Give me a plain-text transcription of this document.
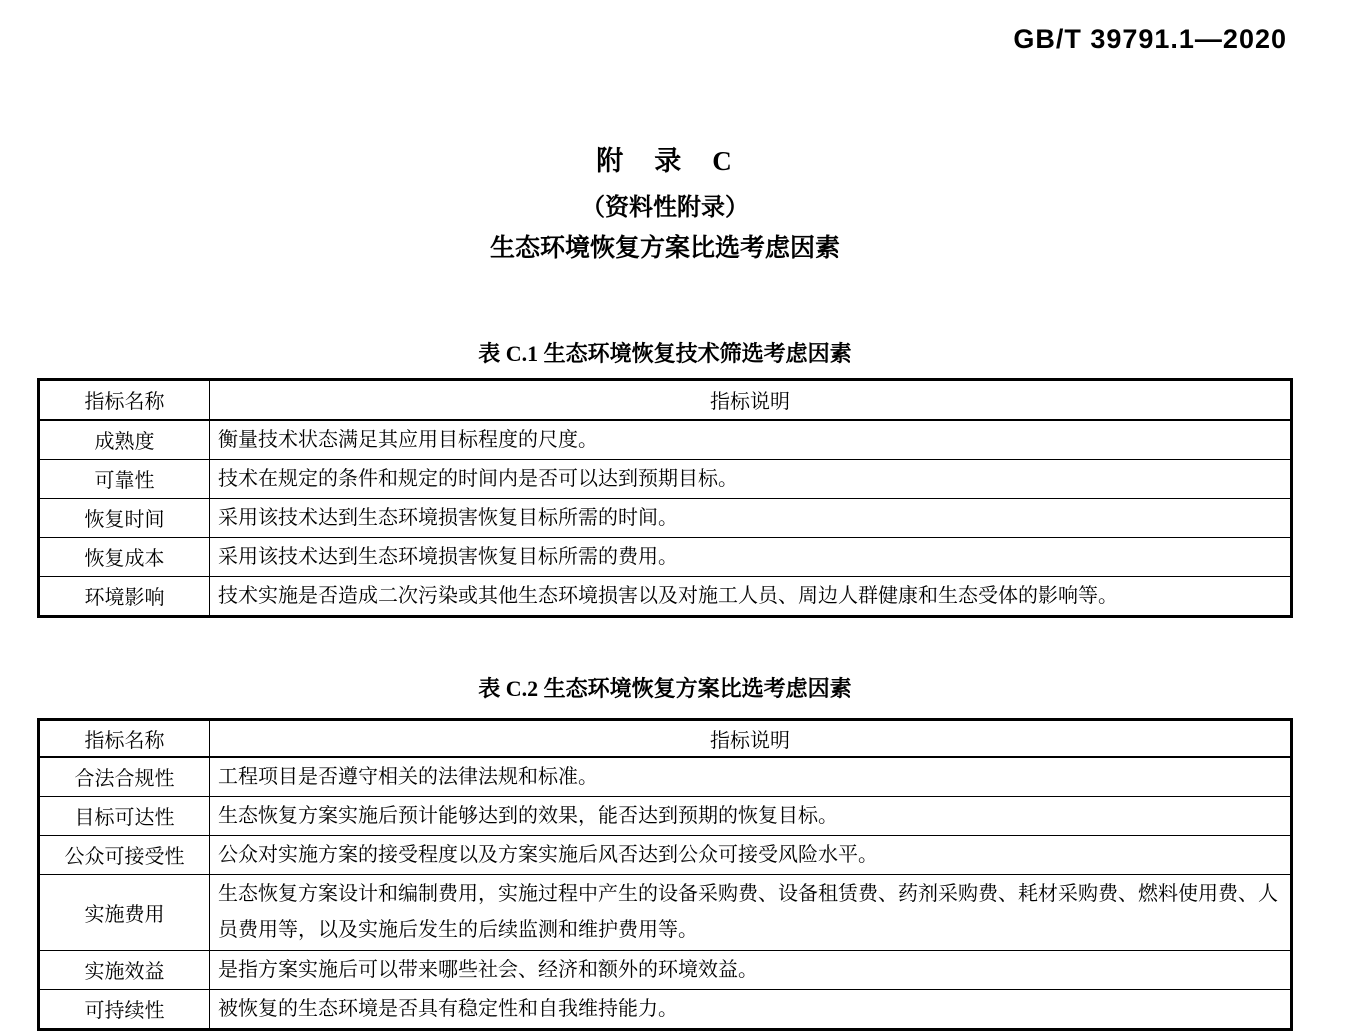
GB/T 39791.1—2020
附　录　C
（资料性附录）
生态环境恢复方案比选考虑因素
表 C.1 生态环境恢复技术筛选考虑因素
指标名称	指标说明
成熟度	衡量技术状态满足其应用目标程度的尺度。
可靠性	技术在规定的条件和规定的时间内是否可以达到预期目标。
恢复时间	采用该技术达到生态环境损害恢复目标所需的时间。
恢复成本	采用该技术达到生态环境损害恢复目标所需的费用。
环境影响	技术实施是否造成二次污染或其他生态环境损害以及对施工人员、周边人群健康和生态受体的影响等。
表 C.2 生态环境恢复方案比选考虑因素
指标名称	指标说明
合法合规性	工程项目是否遵守相关的法律法规和标准。
目标可达性	生态恢复方案实施后预计能够达到的效果，能否达到预期的恢复目标。
公众可接受性	公众对实施方案的接受程度以及方案实施后风否达到公众可接受风险水平。
实施费用	生态恢复方案设计和编制费用，实施过程中产生的设备采购费、设备租赁费、药剂采购费、耗材采购费、燃料使用费、人员费用等，以及实施后发生的后续监测和维护费用等。
实施效益	是指方案实施后可以带来哪些社会、经济和额外的环境效益。
可持续性	被恢复的生态环境是否具有稳定性和自我维持能力。
